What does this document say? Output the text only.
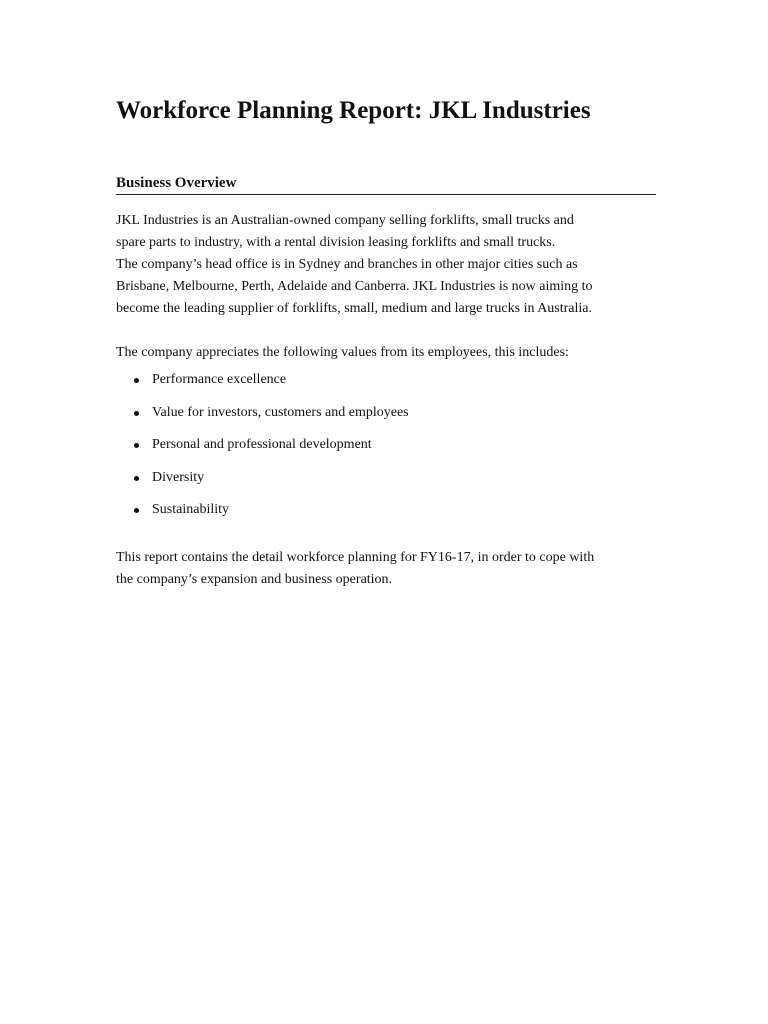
Workforce Planning Report: JKL Industries
Business Overview

JKL Industries is an Australian-owned company selling forklifts, small trucks and
spare parts to industry, with a rental division leasing forklifts and small trucks.
The company’s head office is in Sydney and branches in other major cities such as
Brisbane, Melbourne, Perth, Adelaide and Canberra. JKL Industries is now aiming to
become the leading supplier of forklifts, small, medium and large trucks in Australia.

The company appreciates the following values from its employees, this includes:

Performance excellence
Value for investors, customers and employees
Personal and professional development
Diversity
Sustainability

This report contains the detail workforce planning for FY16-17, in order to cope with
the company’s expansion and business operation.
